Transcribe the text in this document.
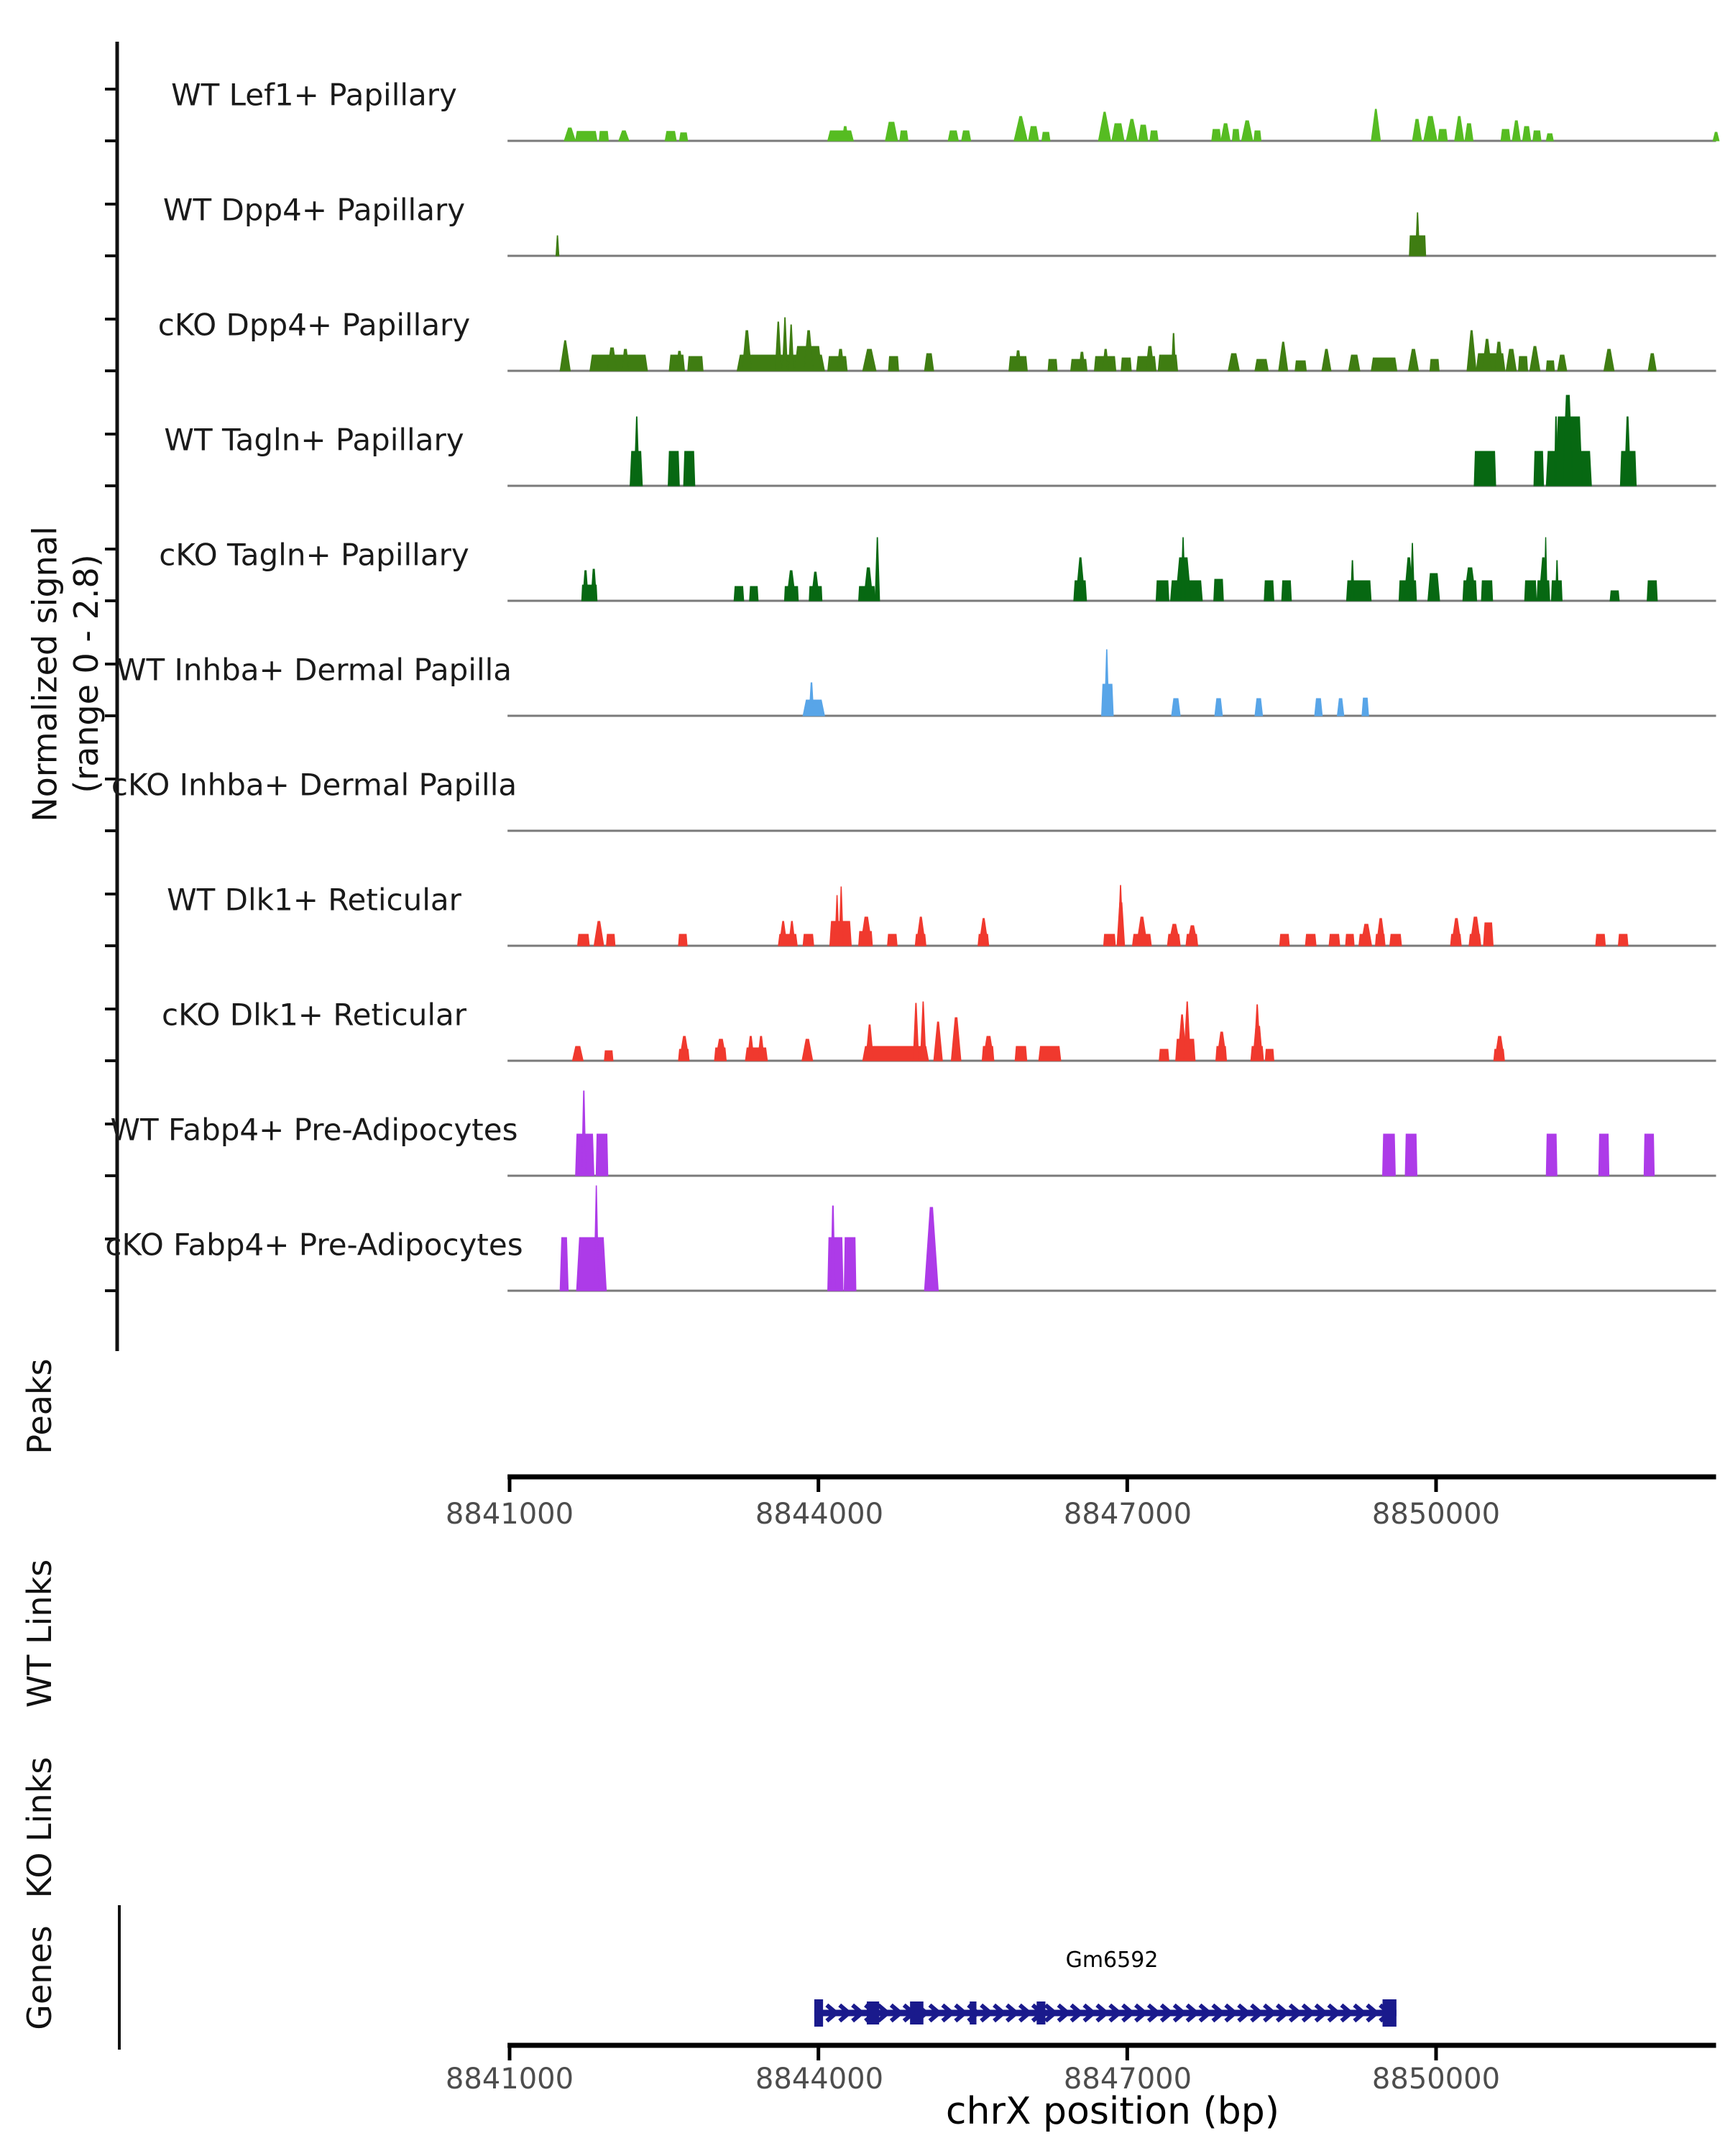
Normalized signal (range 0 - 2.8)
Peaks
WT Links
KO Links
Genes
WT Lef1+ Papillary
WT Dpp4+ Papillary
cKO Dpp4+ Papillary
WT Tagln+ Papillary
cKO Tagln+ Papillary
WT Inhba+ Dermal Papilla
cKO Inhba+ Dermal Papilla
WT Dlk1+ Reticular
cKO Dlk1+ Reticular
WT Fabp4+ Pre-Adipocytes
cKO Fabp4+ Pre-Adipocytes
8841000	8844000	8847000	8850000
Gm6592
8841000	8844000	8847000	8850000
chrX position (bp)
